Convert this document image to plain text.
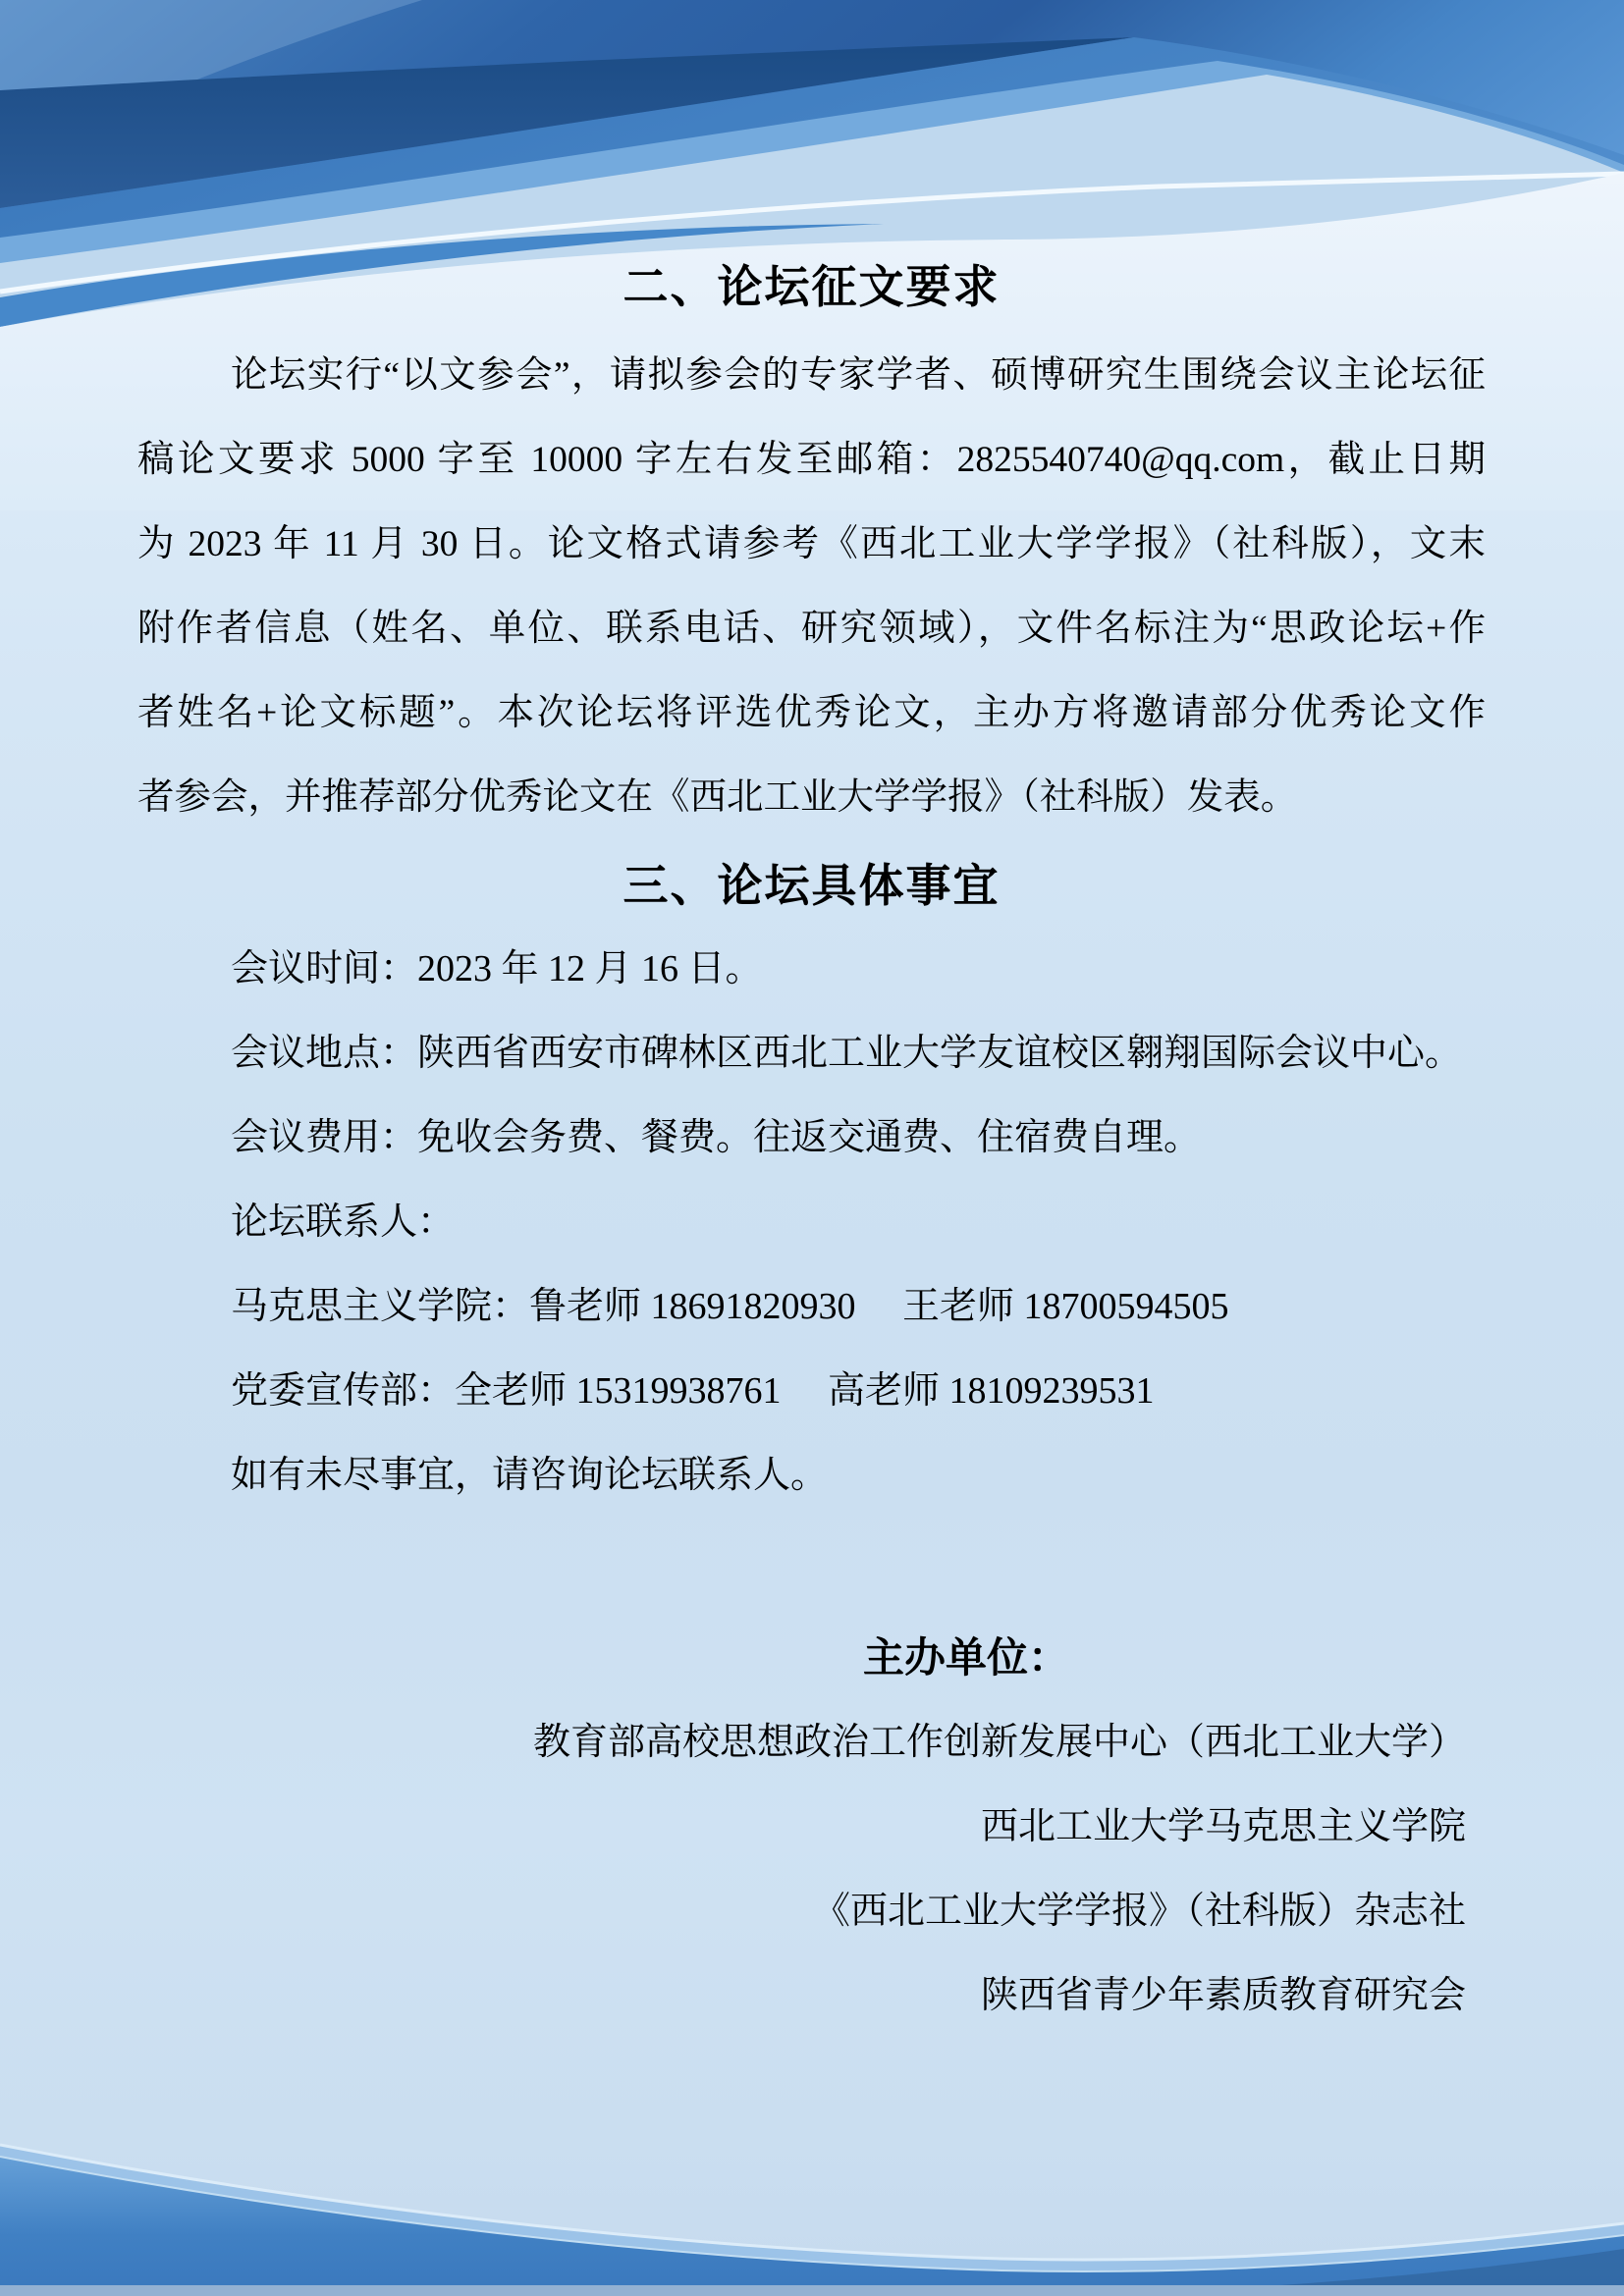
二、论坛征文要求
论坛实行“以文参会”，请拟参会的专家学者、硕博研究生围绕会议主论坛征
稿论文要求 5000 字至 10000 字左右发至邮箱：2825540740@qq.com，截止日期
为 2023 年 11 月 30 日。论文格式请参考《西北工业大学学报》（社科版），文末
附作者信息（姓名、单位、联系电话、研究领域），文件名标注为“思政论坛+作
者姓名+论文标题”。本次论坛将评选优秀论文，主办方将邀请部分优秀论文作
者参会，并推荐部分优秀论文在《西北工业大学学报》（社科版）发表。
三、论坛具体事宜
会议时间：2023 年 12 月 16 日。
会议地点：陕西省西安市碑林区西北工业大学友谊校区翱翔国际会议中心。
会议费用：免收会务费、餐费。往返交通费、住宿费自理。
论坛联系人：
马克思主义学院：鲁老师 18691820930　 王老师 18700594505
党委宣传部：全老师 15319938761　 高老师 18109239531
如有未尽事宜，请咨询论坛联系人。
主办单位：
教育部高校思想政治工作创新发展中心（西北工业大学）
西北工业大学马克思主义学院
《西北工业大学学报》（社科版）杂志社
陕西省青少年素质教育研究会
